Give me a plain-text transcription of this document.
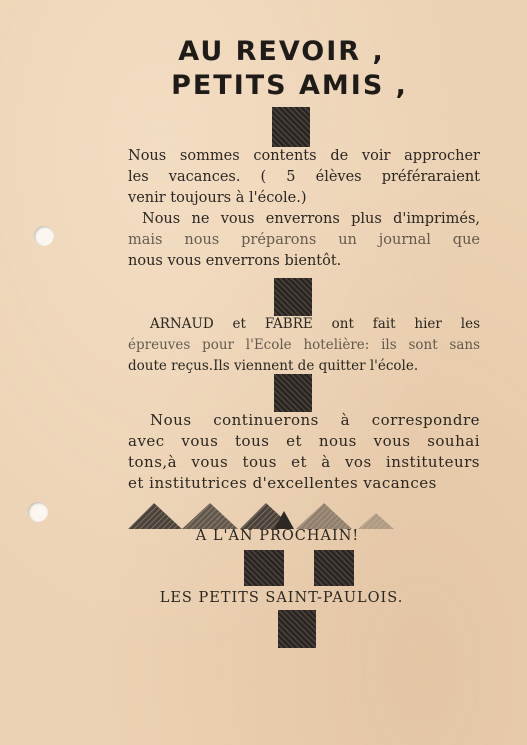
AU REVOIR ,
PETITS AMIS ,
Nous sommes contents de voir approcher
les vacances. ( 5 élèves préféraraient
venir toujours à l'école.)
Nous ne vous enverrons plus d'imprimés,
mais nous préparons un journal que
nous vous enverrons bientôt.
ARNAUD et FABRE ont fait hier les
épreuves pour l'Ecole hotelière: ils sont sans
doute reçus.Ils viennent de quitter l'école.
Nous continuerons à correspondre
avec vous tous et nous vous souhai
tons,à vous tous et à vos instituteurs
et institutrices d'excellentes vacances
A L'AN PROCHAIN!
LES PETITS SAINT-PAULOIS.
